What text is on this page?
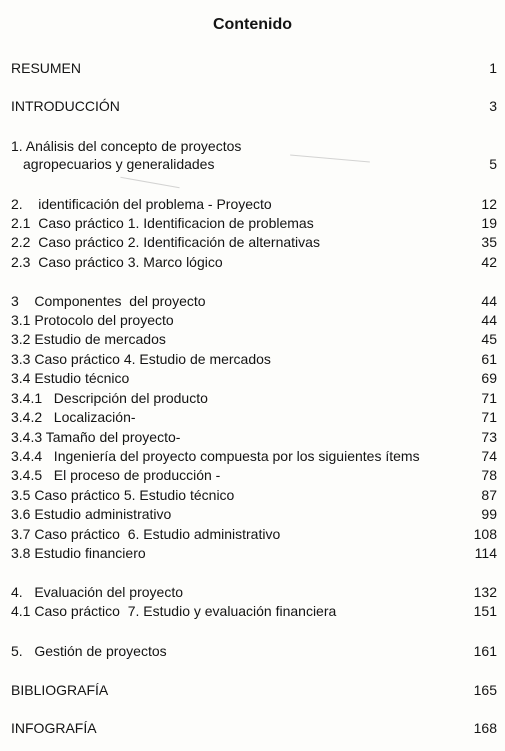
Contenido
RESUMEN	1
INTRODUCCIÓN	3
1. Análisis del concepto de proyectos
agropecuarios y generalidades	5
2.    identificación del problema - Proyecto	12
2.1  Caso práctico 1. Identificacion de problemas	19
2.2  Caso práctico 2. Identificación de alternativas	35
2.3  Caso práctico 3. Marco lógico	42
3    Componentes  del proyecto	44
3.1 Protocolo del proyecto	44
3.2 Estudio de mercados	45
3.3 Caso práctico 4. Estudio de mercados	61
3.4 Estudio técnico	69
3.4.1   Descripción del producto	71
3.4.2   Localización-	71
3.4.3 Tamaño del proyecto-	73
3.4.4   Ingeniería del proyecto compuesta por los siguientes ítems	74
3.4.5   El proceso de producción -	78
3.5 Caso práctico 5. Estudio técnico	87
3.6 Estudio administrativo	99
3.7 Caso práctico  6. Estudio administrativo	108
3.8 Estudio financiero	114
4.   Evaluación del proyecto	132
4.1 Caso práctico  7. Estudio y evaluación financiera	151
5.   Gestión de proyectos	161
BIBLIOGRAFÍA	165
INFOGRAFÍA	168
